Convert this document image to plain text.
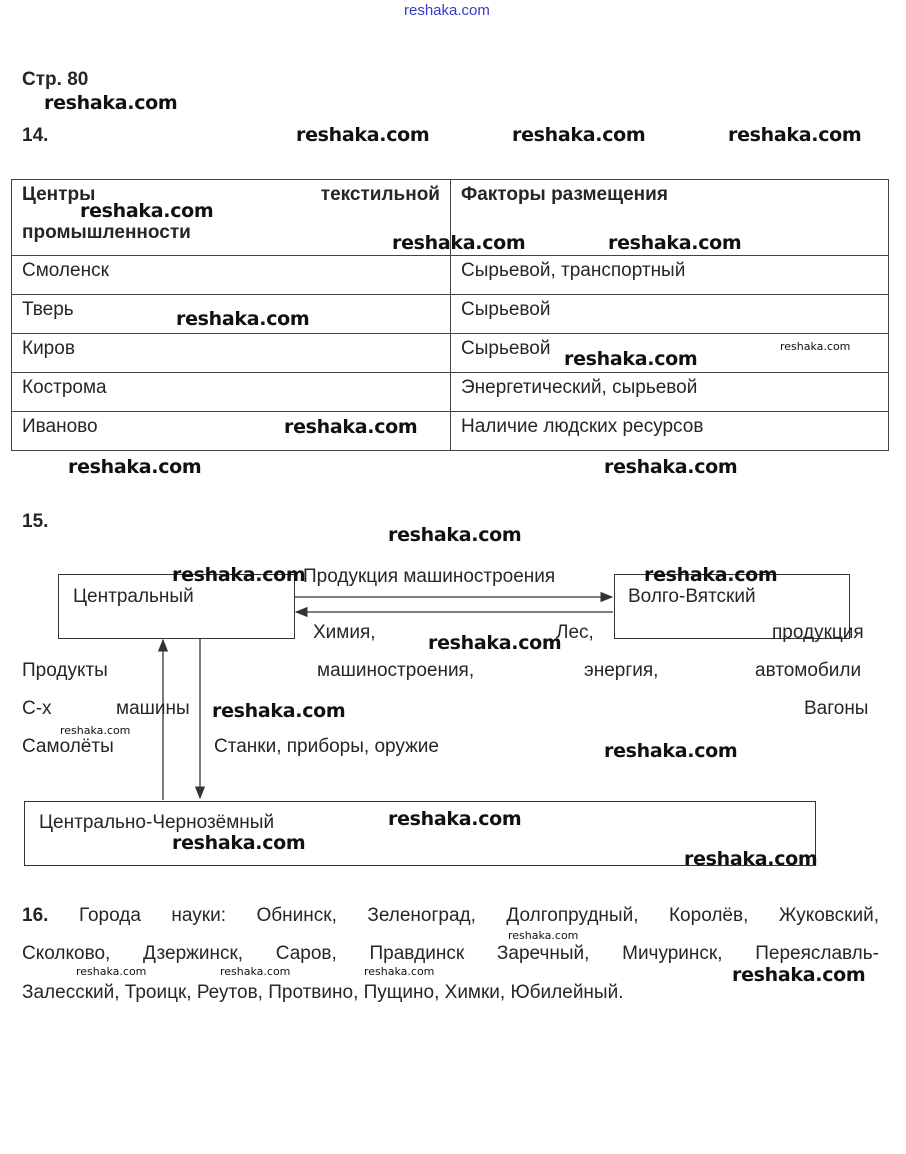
reshaka.com
Стр. 80
reshaka.com
14.
Центры текстильной
промышленности	Факторы размещения
Смоленск	Сырьевой, транспортный
Тверь	Сырьевой
Киров	Сырьевой
Кострома	Энергетический, сырьевой
Иваново	Наличие людских ресурсов
15.
Центральный	Волго-Вятский
Центрально-Чернозёмный
Продукция машиностроения
Химия,	Лес,	продукция
Продукты	машиностроения,	энергия,	автомобили
С-х	машины	Вагоны
Самолёты	Станки, приборы, оружие
16. Города науки: Обнинск, Зеленоград, Долгопрудный, Королёв, Жуковский,
Сколково, Дзержинск, Саров, Правдинск Заречный, Мичуринск, Переяславль-
Залесский, Троицк, Реутов, Протвино, Пущино, Химки, Юбилейный.
reshaka.com	reshaka.com	reshaka.com
reshaka.com
reshaka.com	reshaka.com
reshaka.com
reshaka.com
reshaka.com
reshaka.com
reshaka.com	reshaka.com
reshaka.com
reshaka.com	reshaka.com
reshaka.com
reshaka.com
reshaka.com
reshaka.com
reshaka.com
reshaka.com
reshaka.com
reshaka.com
reshaka.com	reshaka.com	reshaka.com	reshaka.com
